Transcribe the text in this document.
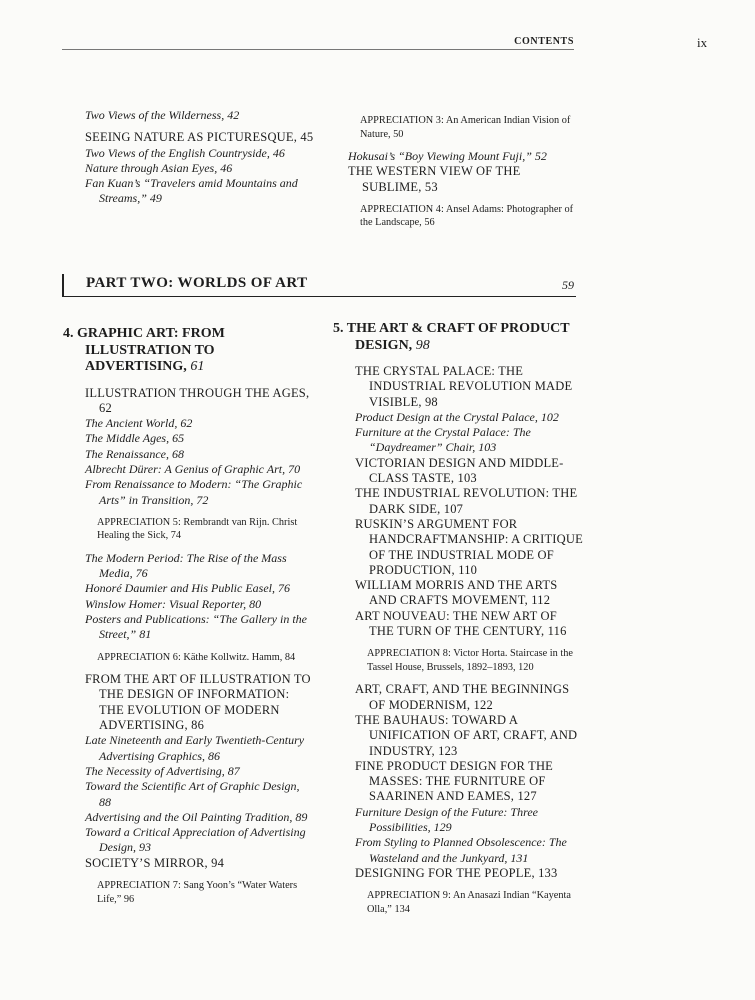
CONTENTS	ix
Two Views of the Wilderness, 42
SEEING NATURE AS PICTURESQUE, 45
Two Views of the English Countryside, 46
Nature through Asian Eyes, 46
Fan Kuan’s “Travelers amid Mountains and Streams,” 49
APPRECIATION 3: An American Indian Vision of Nature, 50
Hokusai’s “Boy Viewing Mount Fuji,” 52
THE WESTERN VIEW OF THE SUBLIME, 53
APPRECIATION 4: Ansel Adams: Photographer of the Landscape, 56
PART TWO: WORLDS OF ART	59
4. GRAPHIC ART: FROM ILLUSTRATION TO ADVERTISING, 61
ILLUSTRATION THROUGH THE AGES, 62
The Ancient World, 62
The Middle Ages, 65
The Renaissance, 68
Albrecht Dürer: A Genius of Graphic Art, 70
From Renaissance to Modern: “The Graphic Arts” in Transition, 72
APPRECIATION 5: Rembrandt van Rijn. Christ Healing the Sick, 74
The Modern Period: The Rise of the Mass Media, 76
Honoré Daumier and His Public Easel, 76
Winslow Homer: Visual Reporter, 80
Posters and Publications: “The Gallery in the Street,” 81
APPRECIATION 6: Käthe Kollwitz. Hamm, 84
FROM THE ART OF ILLUSTRATION TO THE DESIGN OF INFORMATION: THE EVOLUTION OF MODERN ADVERTISING, 86
Late Nineteenth and Early Twentieth-Century Advertising Graphics, 86
The Necessity of Advertising, 87
Toward the Scientific Art of Graphic Design, 88
Advertising and the Oil Painting Tradition, 89
Toward a Critical Appreciation of Advertising Design, 93
SOCIETY’S MIRROR, 94
APPRECIATION 7: Sang Yoon’s “Water Waters Life,” 96
5. THE ART & CRAFT OF PRODUCT DESIGN, 98
THE CRYSTAL PALACE: THE INDUSTRIAL REVOLUTION MADE VISIBLE, 98
Product Design at the Crystal Palace, 102
Furniture at the Crystal Palace: The “Daydreamer” Chair, 103
VICTORIAN DESIGN AND MIDDLE-CLASS TASTE, 103
THE INDUSTRIAL REVOLUTION: THE DARK SIDE, 107
RUSKIN’S ARGUMENT FOR HANDCRAFTMANSHIP: A CRITIQUE OF THE INDUSTRIAL MODE OF PRODUCTION, 110
WILLIAM MORRIS AND THE ARTS AND CRAFTS MOVEMENT, 112
ART NOUVEAU: THE NEW ART OF THE TURN OF THE CENTURY, 116
APPRECIATION 8: Victor Horta. Staircase in the Tassel House, Brussels, 1892–1893, 120
ART, CRAFT, AND THE BEGINNINGS OF MODERNISM, 122
THE BAUHAUS: TOWARD A UNIFICATION OF ART, CRAFT, AND INDUSTRY, 123
FINE PRODUCT DESIGN FOR THE MASSES: THE FURNITURE OF SAARINEN AND EAMES, 127
Furniture Design of the Future: Three Possibilities, 129
From Styling to Planned Obsolescence: The Wasteland and the Junkyard, 131
DESIGNING FOR THE PEOPLE, 133
APPRECIATION 9: An Anasazi Indian “Kayenta Olla,” 134
